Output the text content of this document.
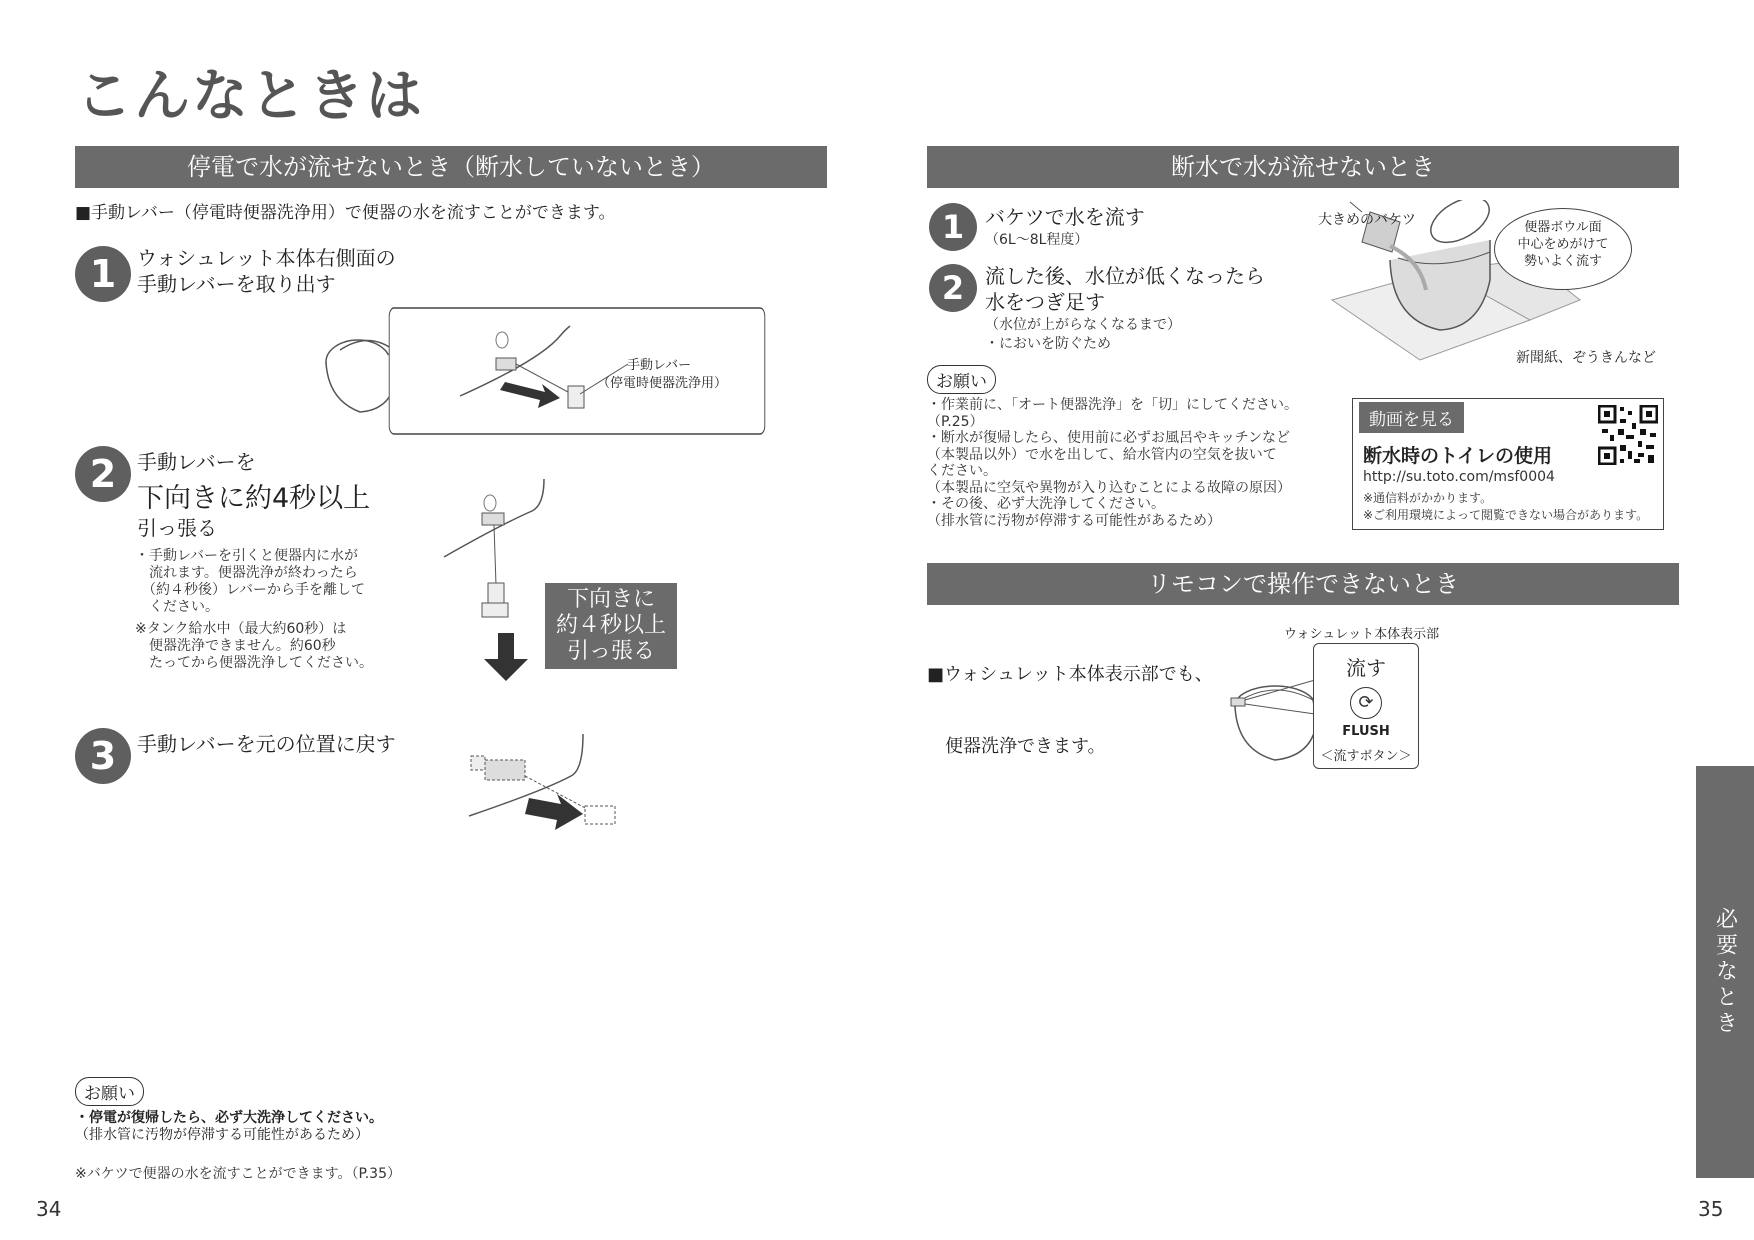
こんなときは
停電で水が流せないとき（断水していないとき）
■手動レバー（停電時便器洗浄用）で便器の水を流すことができます。
1	ウォシュレット本体右側面の
手動レバーを取り出す
手動レバー
（停電時便器洗浄用）
2	手動レバーを
下向きに約4秒以上
引っ張る
・手動レバーを引くと便器内に水が
　流れます。便器洗浄が終わったら
　（約４秒後）レバーから手を離して
　ください。
※タンク給水中（最大約60秒）は
　便器洗浄できません。約60秒
　たってから便器洗浄してください。
下向きに
約４秒以上
引っ張る
3	手動レバーを元の位置に戻す
お願い
・停電が復帰したら、必ず大洗浄してください。
（排水管に汚物が停滞する可能性があるため）
※バケツで便器の水を流すことができます。（P.35）
34
断水で水が流せないとき
1	バケツで水を流す
（6L～8L程度）
2	流した後、水位が低くなったら
水をつぎ足す
（水位が上がらなくなるまで）
・においを防ぐため
大きめのバケツ	便器ボウル面
中心をめがけて
勢いよく流す
新聞紙、ぞうきんなど
お願い
・作業前に、「オート便器洗浄」を「切」にしてください。
（P.25）
・断水が復帰したら、使用前に必ずお風呂やキッチンなど
（本製品以外）で水を出して、給水管内の空気を抜いて
ください。
（本製品に空気や異物が入り込むことによる故障の原因）
・その後、必ず大洗浄してください。
（排水管に汚物が停滞する可能性があるため）
動画を見る
断水時のトイレの使用
http://su.toto.com/msf0004
※通信料がかかります。
※ご利用環境によって閲覧できない場合があります。
リモコンで操作できないとき

■ウォシュレット本体表示部でも、

　便器洗浄できます。

ウォシュレット本体表示部
流す
⟳
FLUSH
＜流すボタン＞
必要なとき
35
